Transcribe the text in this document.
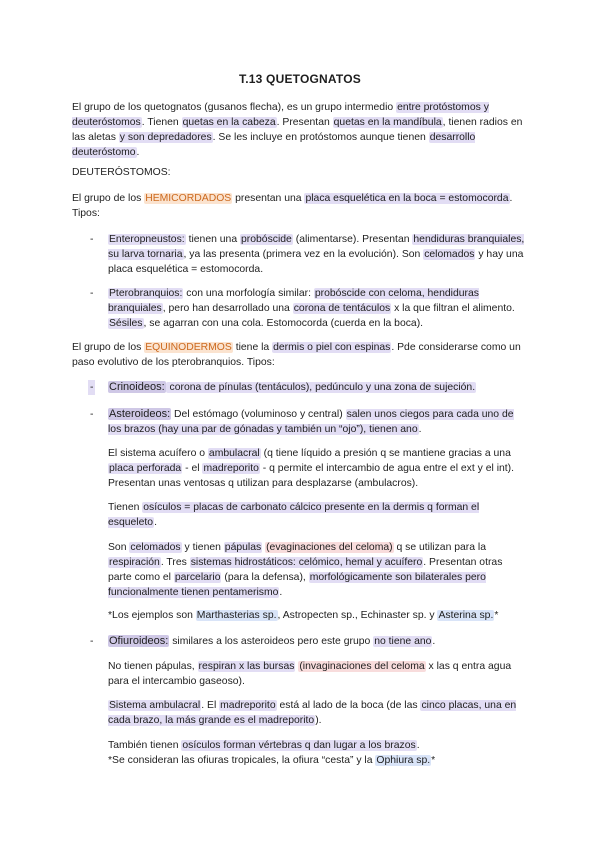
T.13 QUETOGNATOS
El grupo de los quetognatos (gusanos flecha), es un grupo intermedio entre protóstomos y deuteróstomos. Tienen quetas en la cabeza. Presentan quetas en la mandíbula, tienen radios en las aletas y son depredadores. Se les incluye en protóstomos aunque tienen desarrollo deuteróstomo.
DEUTERÓSTOMOS:
El grupo de los HEMICORDADOS presentan una placa esquelética en la boca = estomocorda. Tipos:
- Enteropneustos: tienen una probóscide (alimentarse). Presentan hendiduras branquiales, su larva tornaria, ya las presenta (primera vez en la evolución). Son celomados y hay una placa esquelética = estomocorda.
- Pterobranquios: con una morfología similar: probóscide con celoma, hendiduras branquiales, pero han desarrollado una corona de tentáculos x la que filtran el alimento. Sésiles, se agarran con una cola. Estomocorda (cuerda en la boca).
El grupo de los EQUINODERMOS tiene la dermis o piel con espinas. Pde considerarse como un paso evolutivo de los pterobranquios. Tipos:
- Crinoideos: corona de pínulas (tentáculos), pedúnculo y una zona de sujeción.
- Asteroideos: Del estómago (voluminoso y central) salen unos ciegos para cada uno de los brazos (hay una par de gónadas y también un “ojo”), tienen ano.
El sistema acuífero o ambulacral (q tiene líquido a presión q se mantiene gracias a una placa perforada - el madreporito - q permite el intercambio de agua entre el ext y el int). Presentan unas ventosas q utilizan para desplazarse (ambulacros).
Tienen osículos = placas de carbonato cálcico presente en la dermis q forman el esqueleto.
Son celomados y tienen pápulas (evaginaciones del celoma) q se utilizan para la respiración. Tres sistemas hidrostáticos: celómico, hemal y acuífero. Presentan otras parte como el parcelario (para la defensa), morfológicamente son bilaterales pero funcionalmente tienen pentamerismo.
*Los ejemplos son Marthasterias sp., Astropecten sp., Echinaster sp. y Asterina sp.*
- Ofiuroideos: similares a los asteroideos pero este grupo no tiene ano.
No tienen pápulas, respiran x las bursas (invaginaciones del celoma x las q entra agua para el intercambio gaseoso).
Sistema ambulacral. El madreporito está al lado de la boca (de las cinco placas, una en cada brazo, la más grande es el madreporito).

También tienen osículos forman vértebras q dan lugar a los brazos.

*Se consideran las ofiuras tropicales, la ofiura “cesta” y la Ophiura sp.*
